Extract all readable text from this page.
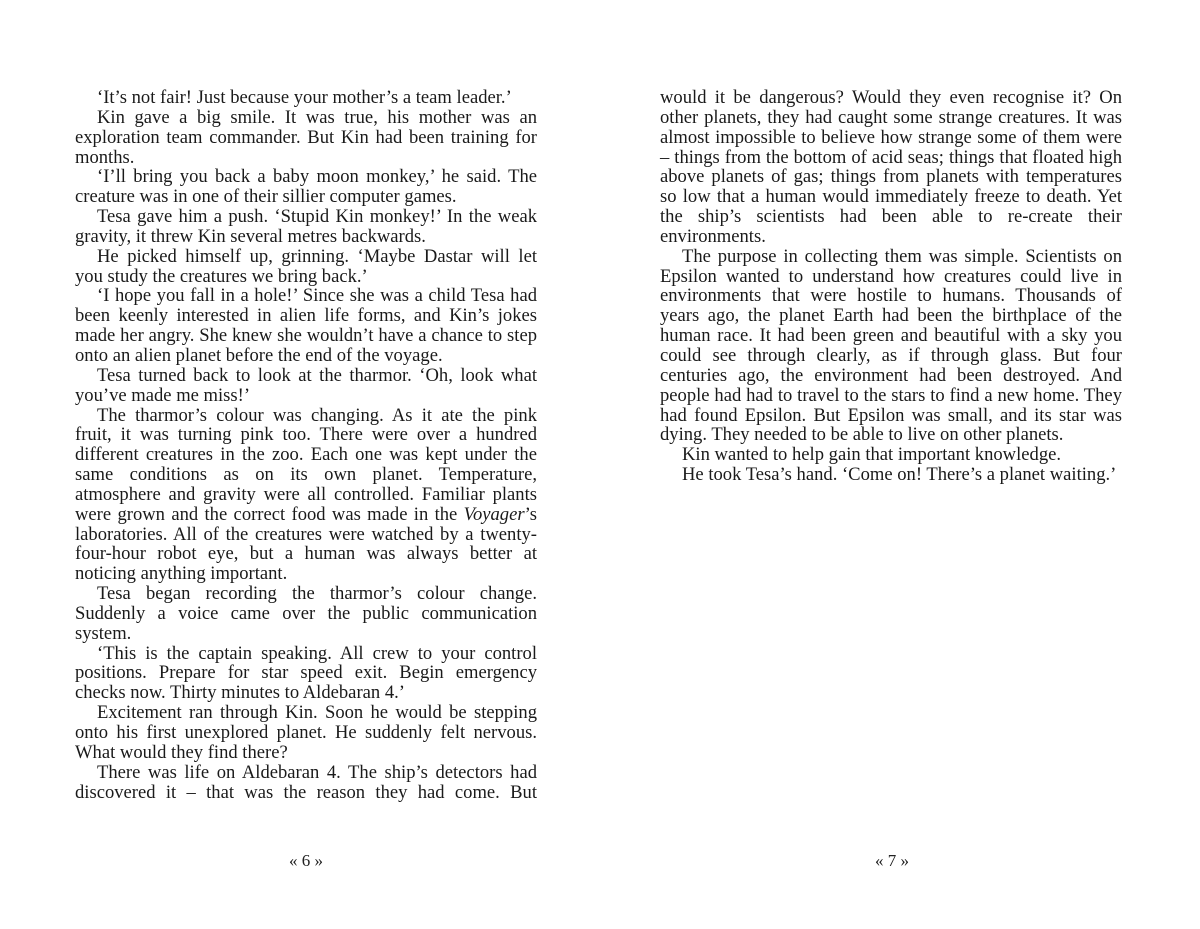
‘It’s not fair! Just because your mother’s a team leader.’

Kin gave a big smile. It was true, his mother was an exploration team commander. But Kin had been training for months.

‘I’ll bring you back a baby moon monkey,’ he said. The creature was in one of their sillier computer games.

Tesa gave him a push. ‘Stupid Kin monkey!’ In the weak gravity, it threw Kin several metres backwards.

He picked himself up, grinning. ‘Maybe Dastar will let you study the creatures we bring back.’

‘I hope you fall in a hole!’ Since she was a child Tesa had been keenly interested in alien life forms, and Kin’s jokes made her angry. She knew she wouldn’t have a chance to step onto an alien planet before the end of the voyage.

Tesa turned back to look at the tharmor. ‘Oh, look what you’ve made me miss!’

The tharmor’s colour was changing. As it ate the pink fruit, it was turning pink too. There were over a hundred different creatures in the zoo. Each one was kept under the same conditions as on its own planet. Temperature, atmosphere and gravity were all controlled. Familiar plants were grown and the correct food was made in the Voyager’s laboratories. All of the creatures were watched by a twenty-four-hour robot eye, but a human was always better at noticing anything important.

Tesa began recording the tharmor’s colour change. Suddenly a voice came over the public communication system.

‘This is the captain speaking. All crew to your control positions. Prepare for star speed exit. Begin emergency checks now. Thirty minutes to Aldebaran 4.’

Excitement ran through Kin. Soon he would be stepping onto his first unexplored planet. He suddenly felt nervous. What would they find there?

There was life on Aldebaran 4. The ship’s detectors had discovered it – that was the reason they had come. But

would it be dangerous? Would they even recognise it? On other planets, they had caught some strange creatures. It was almost impossible to believe how strange some of them were – things from the bottom of acid seas; things that floated high above planets of gas; things from planets with temperatures so low that a human would immediately freeze to death. Yet the ship’s scientists had been able to re-create their environments.

The purpose in collecting them was simple. Scientists on Epsilon wanted to understand how creatures could live in environments that were hostile to humans. Thousands of years ago, the planet Earth had been the birthplace of the human race. It had been green and beautiful with a sky you could see through clearly, as if through glass. But four centuries ago, the environment had been destroyed. And people had had to travel to the stars to find a new home. They had found Epsilon. But Epsilon was small, and its star was dying. They needed to be able to live on other planets.

Kin wanted to help gain that important knowledge.

He took Tesa’s hand. ‘Come on! There’s a planet waiting.’

« 6 »	« 7 »
